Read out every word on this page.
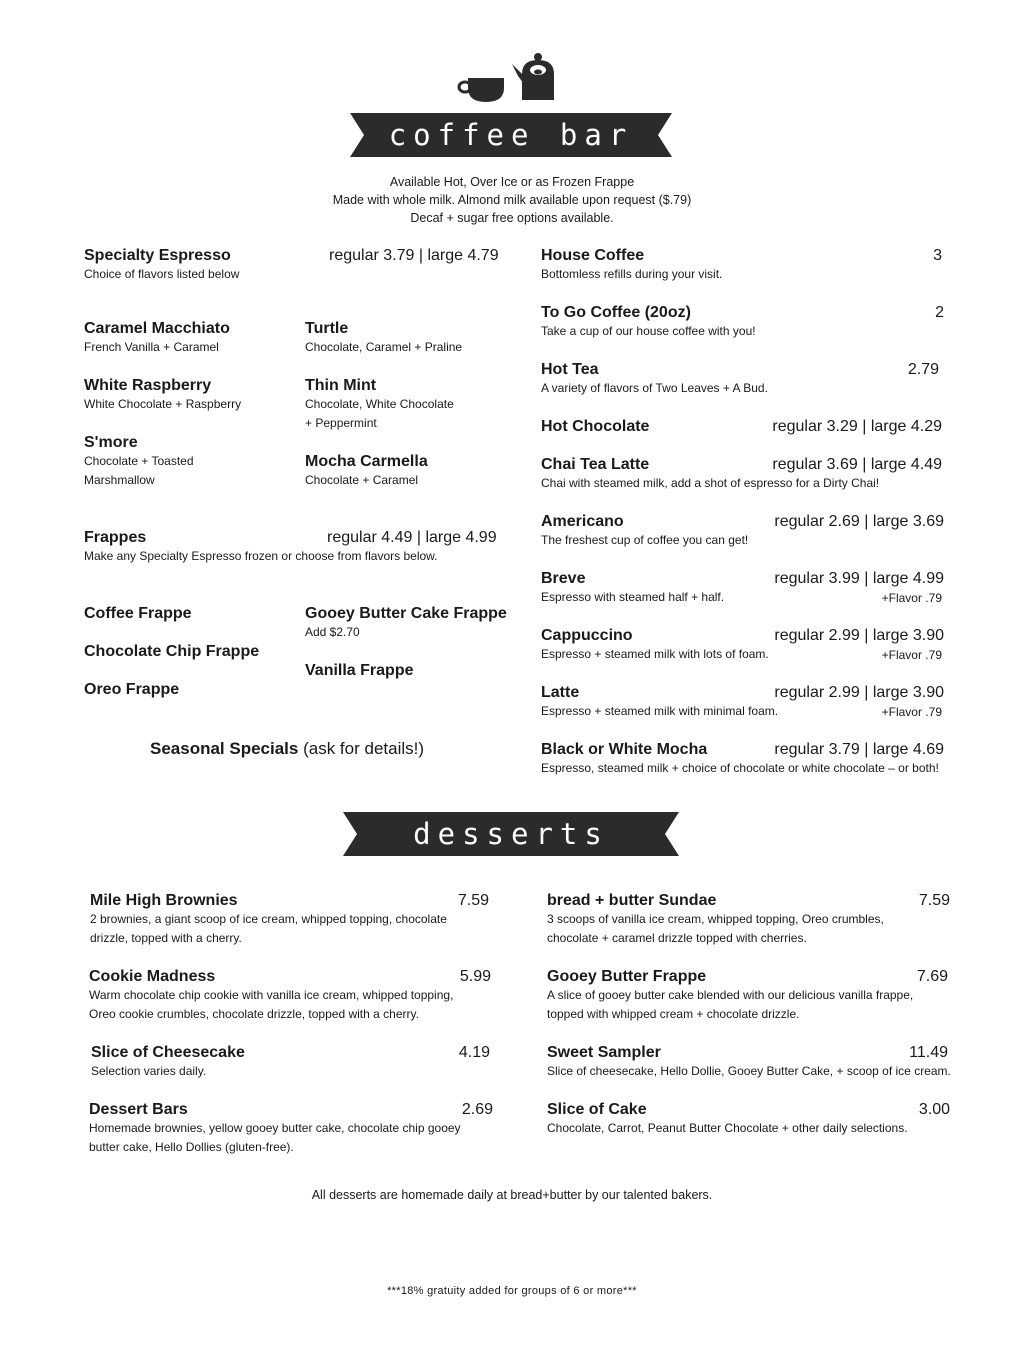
coffee bar
Available Hot, Over Ice or as Frozen Frappe
Made with whole milk. Almond milk available upon request ($.79)
Decaf + sugar free options available.
Specialty Espresso
Choice of flavors listed below
regular 3.79 | large 4.79
Caramel Macchiato
French Vanilla + Caramel
Turtle
Chocolate, Caramel + Praline
White Raspberry
White Chocolate + Raspberry
Thin Mint
Chocolate, White Chocolate
+ Peppermint
S'more
Chocolate + Toasted
Marshmallow
Mocha Carmella
Chocolate + Caramel
Frappes
Make any Specialty Espresso frozen or choose from flavors below.
regular 4.49 | large 4.99
Coffee Frappe
Chocolate Chip Frappe
Oreo Frappe
Gooey Butter Cake Frappe
Add $2.70
Vanilla Frappe
Seasonal Specials (ask for details!)
House Coffee
Bottomless refills during your visit.
3
To Go Coffee (20oz)
Take a cup of our house coffee with you!
2
Hot Tea
A variety of flavors of Two Leaves + A Bud.
2.79
Hot Chocolate	regular 3.29 | large 4.29
Chai Tea Latte
Chai with steamed milk, add a shot of espresso for a Dirty Chai!
regular 3.69 | large 4.49
Americano
The freshest cup of coffee you can get!
regular 2.69 | large 3.69
Breve
Espresso with steamed half + half.
regular 3.99 | large 4.99
+Flavor .79
Cappuccino
Espresso + steamed milk with lots of foam.
regular 2.99 | large 3.90
+Flavor .79
Latte
Espresso + steamed milk with minimal foam.
regular 2.99 | large 3.90
+Flavor .79
Black or White Mocha
Espresso, steamed milk + choice of chocolate or white chocolate – or both!
regular 3.79 | large 4.69
desserts
Mile High Brownies
2 brownies, a giant scoop of ice cream, whipped topping, chocolate
drizzle, topped with a cherry.
7.59
Cookie Madness
Warm chocolate chip cookie with vanilla ice cream, whipped topping,
Oreo cookie crumbles, chocolate drizzle, topped with a cherry.
5.99
Slice of Cheesecake
Selection varies daily.
4.19
Dessert Bars
Homemade brownies, yellow gooey butter cake, chocolate chip gooey
butter cake, Hello Dollies (gluten-free).
2.69
bread + butter Sundae
3 scoops of vanilla ice cream, whipped topping, Oreo crumbles,
chocolate + caramel drizzle topped with cherries.
7.59
Gooey Butter Frappe
A slice of gooey butter cake blended with our delicious vanilla frappe,
topped with whipped cream + chocolate drizzle.
7.69
Sweet Sampler
Slice of cheesecake, Hello Dollie, Gooey Butter Cake, + scoop of ice cream.
11.49
Slice of Cake
Chocolate, Carrot, Peanut Butter Chocolate + other daily selections.
3.00
All desserts are homemade daily at bread+butter by our talented bakers.
***18% gratuity added for groups of 6 or more***
